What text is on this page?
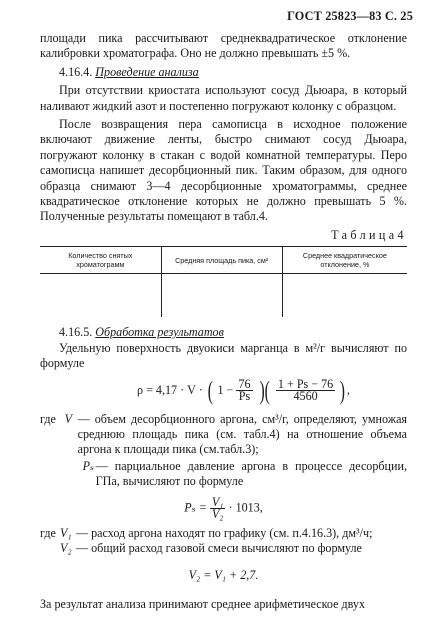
ГОСТ 25823—83 С. 25

площади пика рассчитывают среднеквадратическое отклонение калибровки хроматографа. Оно не должно превышать ±5 %.

4.16.4. Проведение анализа

При отсутствии криостата используют сосуд Дьюара, в который наливают жидкий азот и постепенно погружают колонку с образцом.

После возвращения пера самописца в исходное положение включают движение ленты, быстро снимают сосуд Дьюара, погружают колонку в стакан с водой комнатной температуры. Перо самописца напишет десорбционный пик. Таким образом, для одного образца снимают 3—4 десорбционные хроматограммы, среднее квадратическое отклонение которых не должно превышать 5 %. Полученные результаты помещают в табл.4.

Таблица4

Количество снятых хроматограмм	Средняя площадь пика, см²	Среднее квадратическое отклонение, %

4.16.5. Обработка результатов

Удельную поверхность двуокиси марганца в м²/г вычисляют по формуле

ρ = 4,17 · V · ( $1 - \frac{76}{Ps}$ )( $\frac{1 + Ps - 76}{4560}$ ) ,
где V — объем десорбционного аргона, см³/г, определяют, умножая среднюю площадь пика (см. табл.4) на отношение объема аргона к площади пика (см.табл.3);
Pₛ — парциальное давление аргона в процессе десорбции, ГПа, вычисляют по формуле
$P_s = \frac{\text{V₁}}{\text{V₂}} \cdot 1013$,
где V₁ — расход аргона находят по графику (см. п.4.16.3), дм³/ч;
V₂ — общий расход газовой смеси вычисляют по формуле
V₂ = V₁ + 2,7.

За результат анализа принимают среднее арифметическое двух
